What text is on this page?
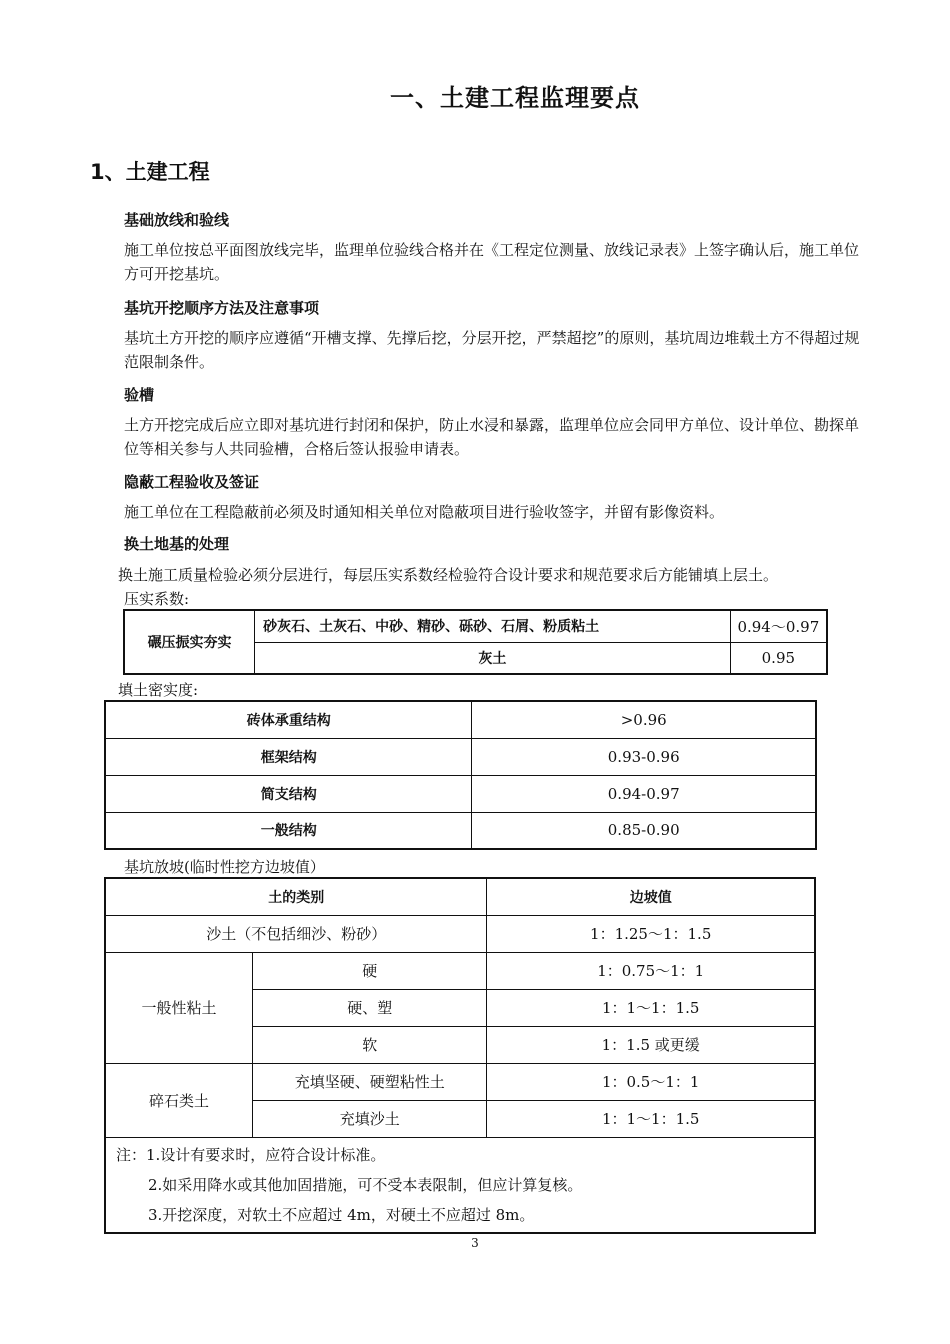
一、土建工程监理要点
1、土建工程
基础放线和验线
施工单位按总平面图放线完毕，监理单位验线合格并在《工程定位测量、放线记录表》上签字确认后，施工单位方可开挖基坑。
基坑开挖顺序方法及注意事项
基坑土方开挖的顺序应遵循“开槽支撑、先撑后挖，分层开挖，严禁超挖”的原则，基坑周边堆载土方不得超过规范限制条件。
验槽
土方开挖完成后应立即对基坑进行封闭和保护，防止水浸和暴露，监理单位应会同甲方单位、设计单位、勘探单位等相关参与人共同验槽，合格后签认报验申请表。
隐蔽工程验收及签证
施工单位在工程隐蔽前必须及时通知相关单位对隐蔽项目进行验收签字，并留有影像资料。
换土地基的处理
换土施工质量检验必须分层进行，每层压实系数经检验符合设计要求和规范要求后方能铺填上层土。
压实系数:
碾压振实夯实	砂灰石、土灰石、中砂、精砂、砾砂、石屑、粉质粘土	0.94～0.97
	灰土	0.95
填土密实度:
砖体承重结构	>0.96
框架结构	0.93-0.96
简支结构	0.94-0.97
一般结构	0.85-0.90
基坑放坡(临时性挖方边坡值）
土的类别		边坡值
沙土（不包括细沙、粉砂）		1：1.25～1：1.5
一般性粘土	硬	1：0.75～1：1
	硬、塑	1：1～1：1.5
	软	1：1.5 或更缓
碎石类土	充填坚硬、硬塑粘性土	1：0.5～1：1
	充填沙土	1：1～1：1.5

注：1.设计有要求时，应符合设计标准。
2.如采用降水或其他加固措施，可不受本表限制，但应计算复核。
3.开挖深度，对软土不应超过 4m，对硬土不应超过 8m。		
3
